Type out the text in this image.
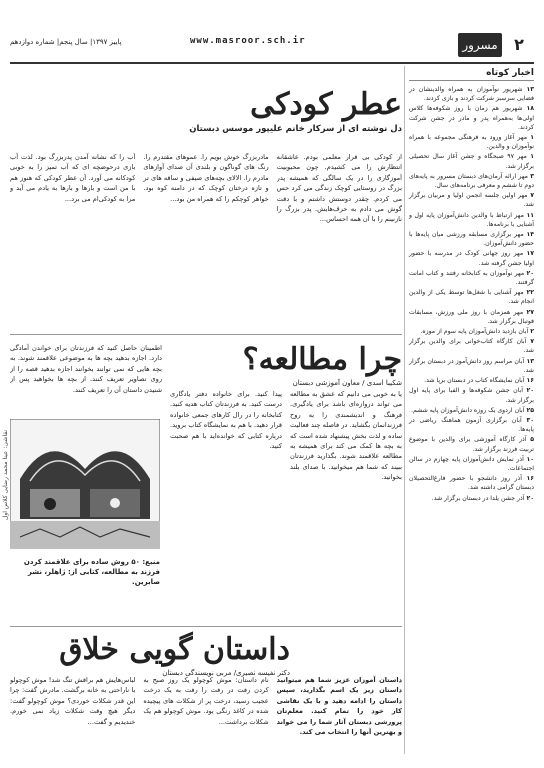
۲
مسرور
www.masroor.sch.ir
پاییز ۱۳۹۷| سال پنجم| شماره دوازدهم
اخبار کوتاه
۱۳ شهریور نوآموزان به همراه والدینشان در فضایی سرسبز شرکت کردند و بازی کردند.
۱۸ شهریور هم زمان با روز شکوفه‌ها کلاس اولی‌ها به‌همراه پدر و مادر در جشن شرکت کردند.
۱ مهر آغاز ورود به فرهنگی مجموعه با همراه نوآموزان و والدین.
۱ مهر ۹۷ صبحگاه و جشن آغاز سال تحصیلی برگزار شد.
۳ مهر ارائه آرمان‌های دبستان مسرور به پایه‌های دوم تا ششم و معرفی برنامه‌های سال.
۷ مهر اولین جلسه انجمن اولیا و مربیان برگزار شد.
۱۱ مهر ارتباط با والدین دانش‌آموزان پایه اول و آشنایی با برنامه‌ها.
۱۴ مهر برگزاری مسابقه ورزشی میان پایه‌ها با حضور دانش‌آموزان.
۱۷ مهر روز جهانی کودک در مدرسه با حضور اولیا جشن گرفته شد.
۲۰ مهر نوآموزان به کتابخانه رفتند و کتاب امانت گرفتند.
۲۲ مهر آشنایی با شغل‌ها توسط یکی از والدین انجام شد.
۲۷ مهر همزمان با روز ملی ورزش، مسابقات فوتبال برگزار شد.
۲ آبان بازدید دانش‌آموزان پایه سوم از موزه.
۷ آبان کارگاه کتاب‌خوانی برای والدین برگزار شد.
۱۳ آبان مراسم روز دانش‌آموز در دبستان برگزار شد.
۱۶ آبان نمایشگاه کتاب در دبستان برپا شد.
۲۰ آبان جشن شکوفه‌ها و الفبا برای پایه اول برگزار شد.
۲۵ آبان اردوی یک روزه دانش‌آموزان پایه ششم.
۳۰ آبان برگزاری آزمون هماهنگ ریاضی در پایه‌ها.
۵ آذر کارگاه آموزشی برای والدین با موضوع تربیت فرزند برگزار شد.
۱۰ آذر نمایش دانش‌آموزان پایه چهارم در سالن اجتماعات.
۱۶ آذر روز دانشجو با حضور فارغ‌التحصیلان دبستان گرامی داشته شد.
۲۰ آذر جشن یلدا در دبستان برگزار شد.
عطر کودکی
دل نوشته ای از سرکار خانم علیپور موسس دبستان
از کودکی بی قرار معلمی بودم. عاشقانه انتظارش را می کشیدم. چون محبوبیت آموزگاری را در یک سالگی که همیشه پدر بزرگ در روستایی کوچک زندگی می کرد حس می کردم. چقدر دوستش داشتم و با دقت گوش می دادم به حرف‌هایش. پدر بزرگ را نازنینم را با آن همه احساس...
مادربزرگ خوش بویم را. عموهای مقتدرم را. رنگ های گوناگون و بلندی آن صدای آوازهای مادرم را. الالای بچه‌های صیفی و ساقه های تر و تازه درختان کوچک که در دامنه کوه بود. خواهر کوچکم را که همراه من بود...
آب را که نشانه آمدن پدربزرگ بود. لذت آب بازی درحوضچه ای که آب تمیز را به خوبی کودکانه می آورد. آن عطر کودکی که هنوز هم با من است و بارها و بارها به یادم می آید و مرا به کودکی‌ام می برد...
چرا مطالعه؟
شکیبا اسدی / معاون آموزشی دبستان
یا به خوبی می دانیم که عشق به مطالعه می تواند دروازه‌ای باشد برای یادگیری. فرهنگ و اندیشمندی را به روح فرزندانمان بگشاید. در فاصله چند فعالیت ساده و لذت بخش پیشنهاد شده است که به بچه ها کمک می کند برای همیشه به مطالعه علاقمند شوند. بگذارید فرزندتان ببیند که شما هم میخوانید. با صدای بلند بخوانید.
پیدا کنید. برای خانواده دفتر یادگاری درست کنید. به فرزندتان کتاب هدیه کنید. کتابخانه را در رال کارهای جمعی خانواده قرار دهید. با هم به نمایشگاه کتاب بروید. درباره کتابی که خوانده‌اید با هم صحبت کنید.
اطمینان حاصل کنید که فرزندتان برای خواندن آمادگی دارد. اجازه بدهید بچه ها به موضوعی علاقمند شوند. به بچه هایی که نمی توانند بخوانند اجازه بدهید قصه را از روی تصاویر تعریف کنند. از بچه ها بخواهید پس از شنیدن داستان آن را تعریف کنند.
منبع: ۵۰ روش ساده برای علاقمند کردن فرزند به مطالعه، کتابی از: ژاهلر، نشر صابرین.
داستان گویی خلاق
دکتر نفیسه نصیری/ مربی نویسندگی دبستان
داستان آموزان عزیز شما هم میتوانید داستان زیر یک اسم بگذارید، سپس داستان را ادامه دهید و با یک نقاشی کار خود را تمام کنید. معلم‌تان پرورشی دبستان آثار شما را می خواند و بهترین آنها را انتخاب می کند.
نام داستان: موش کوچولو یک روز صبح به کردن رفت در رفت را رفت به یک درخت عجیب رسید، درخت پر از شکلات های پیچیده شده در کاغذ رنگی بود. موش کوچولو هم یک شکلات برداشت...
لباس‌هایش هم براقش تنگ شد! موش کوچولو با ناراحتی به خانه برگشت. مادرش گفت: چرا این قدر شکلات خوردی؟ موش کوچولو گفت: دیگر هیچ وقت شکلات زیاد نمی خورم. خندیدیم و گفت...
نقاشی: عینا محمد رضایی کلاس اول
